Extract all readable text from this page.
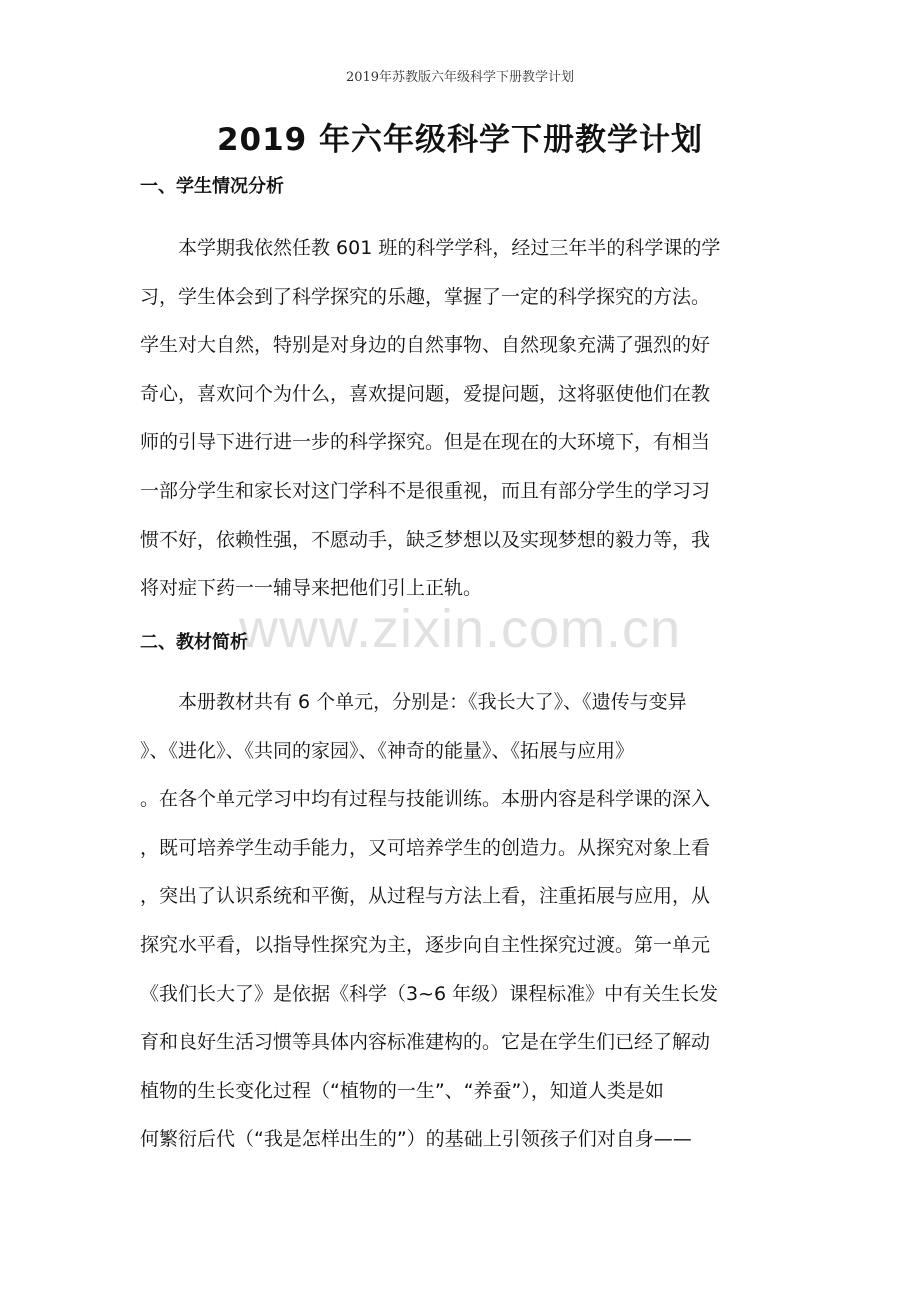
2019年苏教版六年级科学下册教学计划
2019 年六年级科学下册教学计划
一、学生情况分析
本学期我依然任教 601 班的科学学科，经过三年半的科学课的学
习，学生体会到了科学探究的乐趣，掌握了一定的科学探究的方法。
学生对大自然，特别是对身边的自然事物、自然现象充满了强烈的好
奇心，喜欢问个为什么，喜欢提问题，爱提问题，这将驱使他们在教
师的引导下进行进一步的科学探究。但是在现在的大环境下，有相当
一部分学生和家长对这门学科不是很重视，而且有部分学生的学习习
惯不好，依赖性强，不愿动手，缺乏梦想以及实现梦想的毅力等，我
将对症下药一一辅导来把他们引上正轨。
www.zixin.com.cn
二、教材简析
本册教材共有 6 个单元，分别是：《我长大了》、《遗传与变异
》、《进化》、《共同的家园》、《神奇的能量》、《拓展与应用》
。在各个单元学习中均有过程与技能训练。本册内容是科学课的深入
，既可培养学生动手能力，又可培养学生的创造力。从探究对象上看
，突出了认识系统和平衡，从过程与方法上看，注重拓展与应用，从
探究水平看，以指导性探究为主，逐步向自主性探究过渡。第一单元
《我们长大了》是依据《科学（3~6 年级）课程标准》中有关生长发
育和良好生活习惯等具体内容标准建构的。它是在学生们已经了解动
植物的生长变化过程（“植物的一生”、“养蚕”），知道人类是如
何繁衍后代（“我是怎样出生的”）的基础上引领孩子们对自身——
